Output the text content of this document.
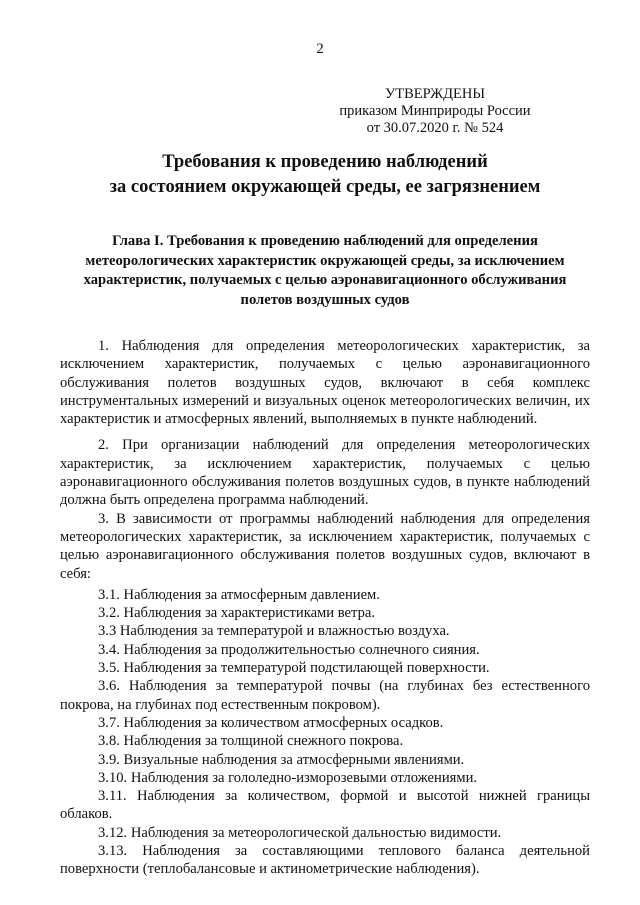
2
УТВЕРЖДЕНЫ
приказом Минприроды России
от 30.07.2020 г. № 524
Требования к проведению наблюдений
за состоянием окружающей среды, ее загрязнением
Глава I. Требования к проведению наблюдений для определения
метеорологических характеристик окружающей среды, за исключением
характеристик, получаемых с целью аэронавигационного обслуживания
полетов воздушных судов

1. Наблюдения для определения метеорологических характеристик, за исключением характеристик, получаемых с целью аэронавигационного обслуживания полетов воздушных судов, включают в себя комплекс инструментальных измерений и визуальных оценок метеорологических величин, их характеристик и атмосферных явлений, выполняемых в пункте наблюдений.

2. При организации наблюдений для определения метеорологических характеристик, за исключением характеристик, получаемых с целью аэронавигационного обслуживания полетов воздушных судов, в пункте наблюдений должна быть определена программа наблюдений.

3. В зависимости от программы наблюдений наблюдения для определения метеорологических характеристик, за исключением характеристик, получаемых с целью аэронавигационного обслуживания полетов воздушных судов, включают в себя:

3.1. Наблюдения за атмосферным давлением.

3.2. Наблюдения за характеристиками ветра.

3.3 Наблюдения за температурой и влажностью воздуха.

3.4. Наблюдения за продолжительностью солнечного сияния.

3.5. Наблюдения за температурой подстилающей поверхности.

3.6. Наблюдения за температурой почвы (на глубинах без естественного покрова, на глубинах под естественным покровом).

3.7. Наблюдения за количеством атмосферных осадков.

3.8. Наблюдения за толщиной снежного покрова.

3.9. Визуальные наблюдения за атмосферными явлениями.

3.10. Наблюдения за гололедно-изморозевыми отложениями.

3.11. Наблюдения за количеством, формой и высотой нижней границы облаков.

3.12. Наблюдения за метеорологической дальностью видимости.

3.13. Наблюдения за составляющими теплового баланса деятельной поверхности (теплобалансовые и актинометрические наблюдения).
